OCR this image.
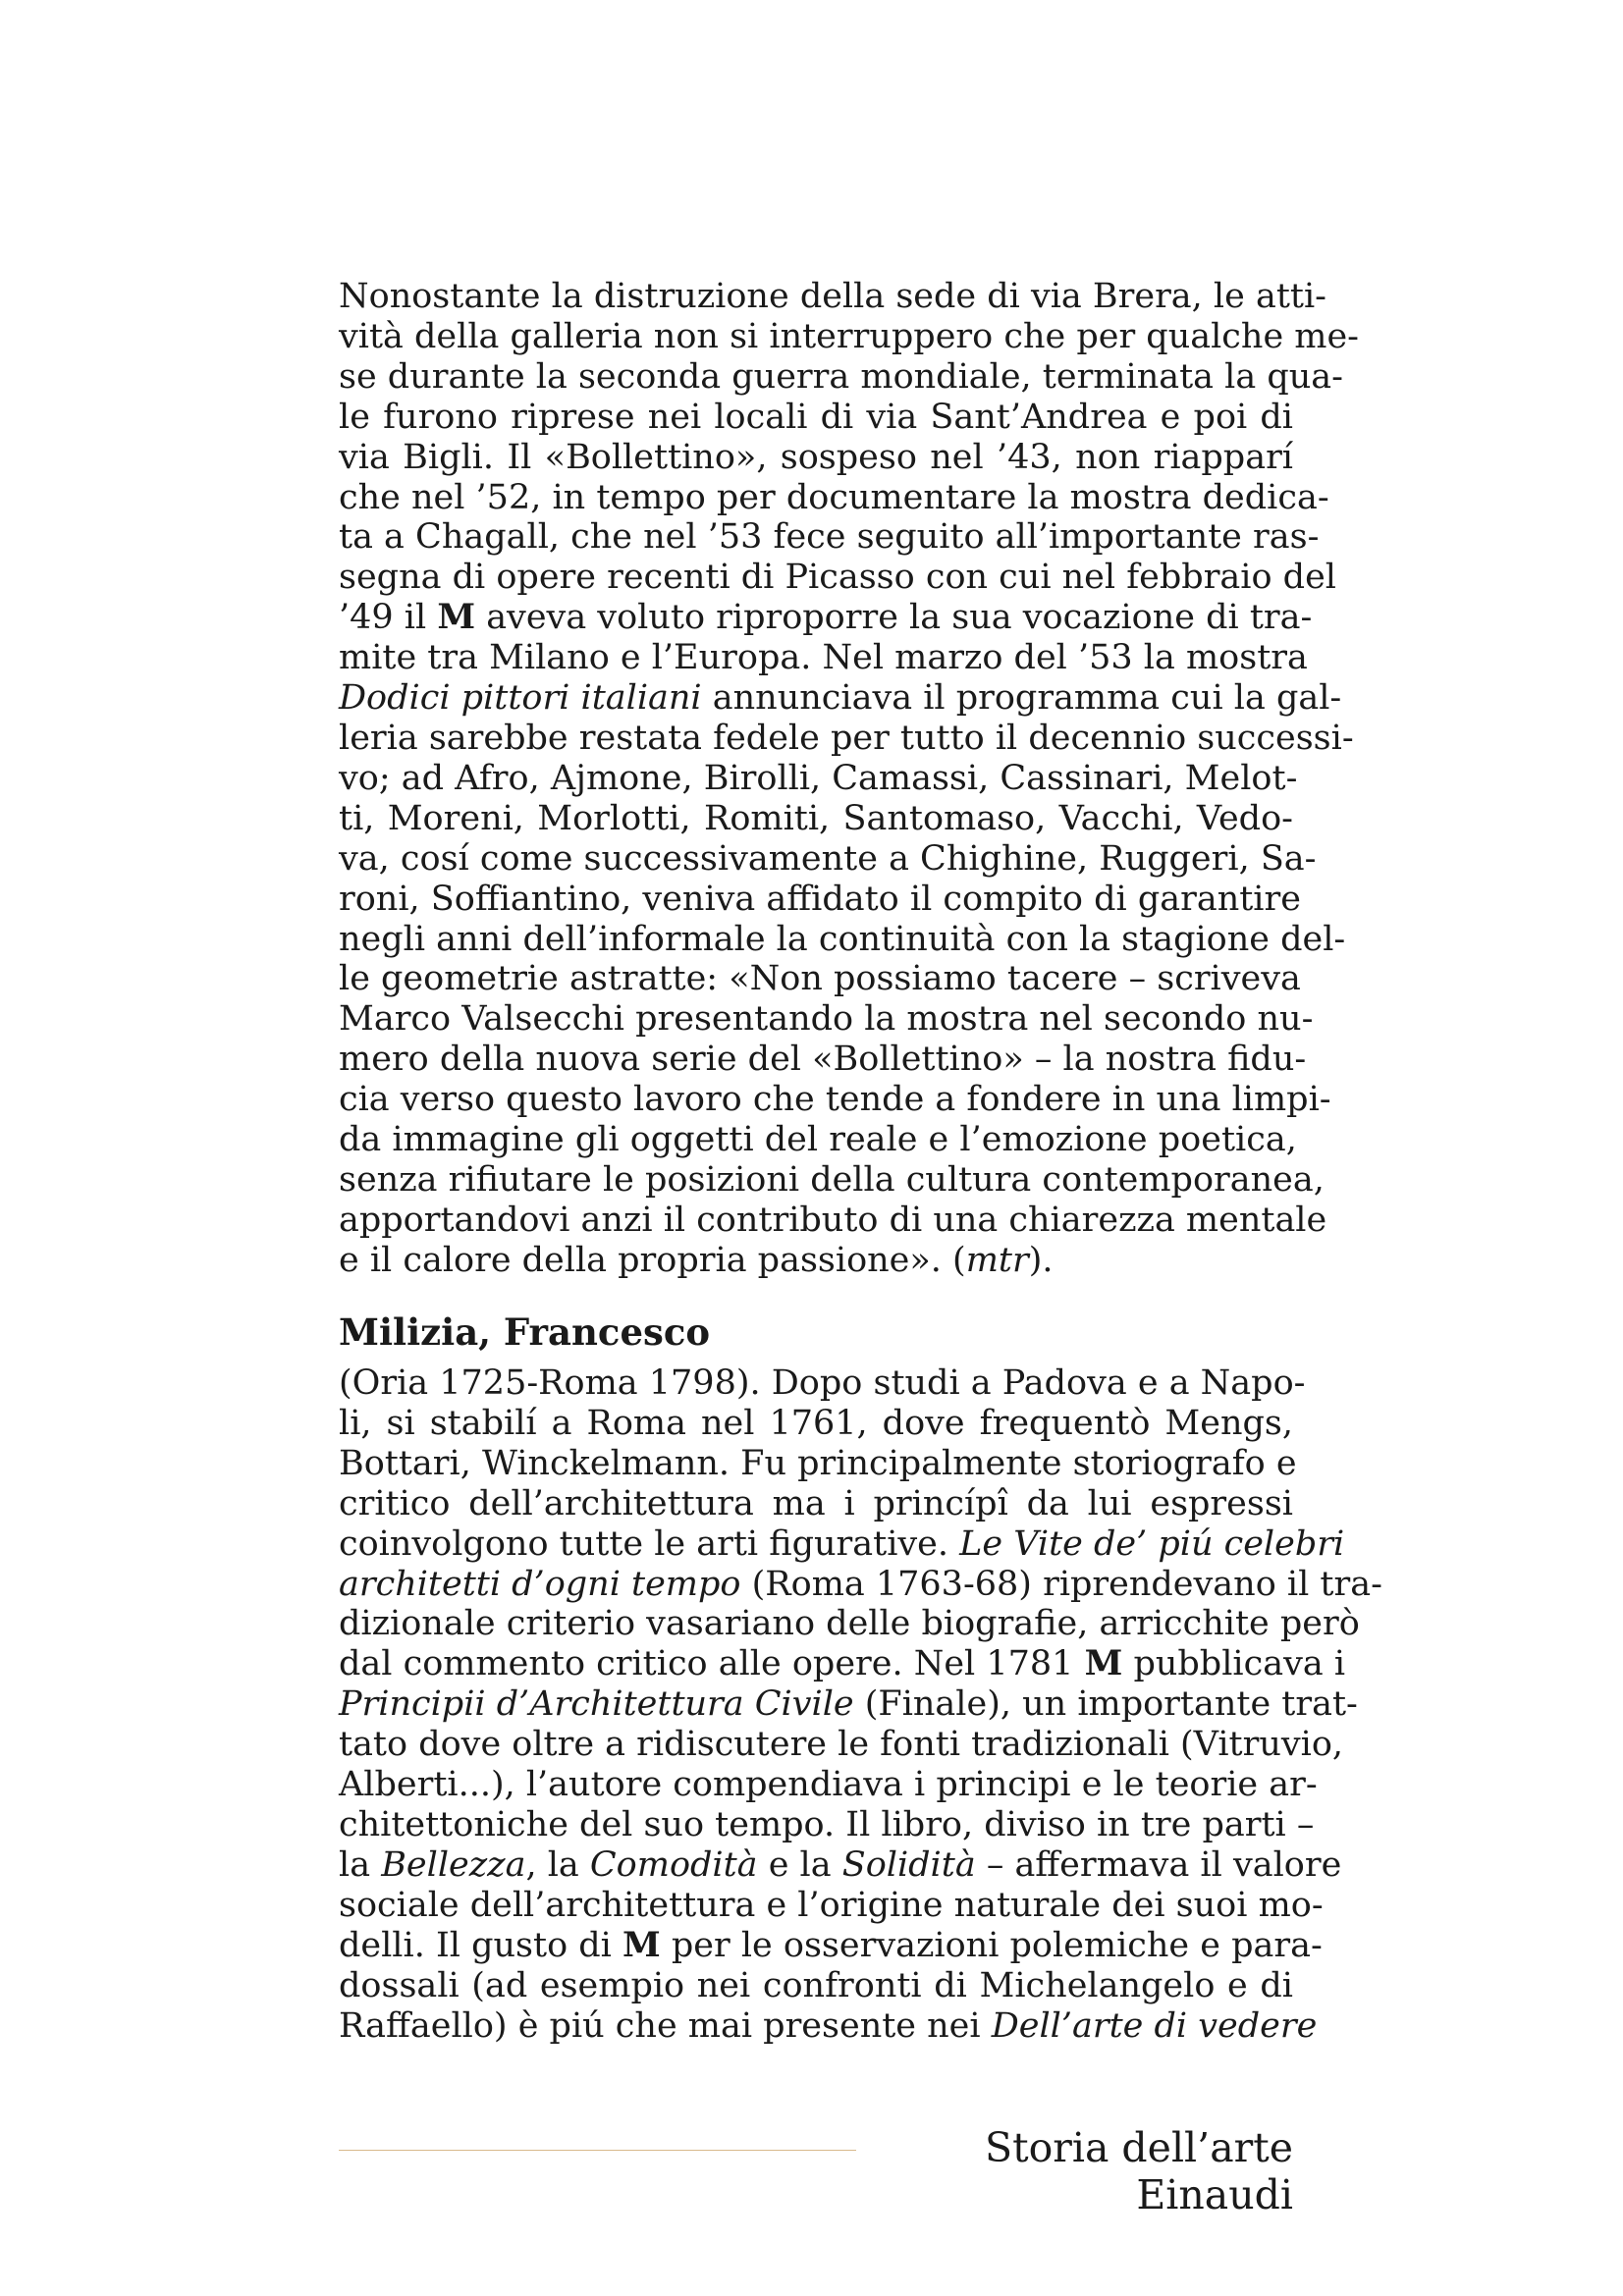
Nonostante la distruzione della sede di via Brera, le atti-
vità della galleria non si interruppero che per qualche me-
se durante la seconda guerra mondiale, terminata la qua-
le furono riprese nei locali di via Sant’Andrea e poi di
via Bigli. Il «Bollettino», sospeso nel ’43, non riapparí
che nel ’52, in tempo per documentare la mostra dedica-
ta a Chagall, che nel ’53 fece seguito all’importante ras-
segna di opere recenti di Picasso con cui nel febbraio del
’49 il M aveva voluto riproporre la sua vocazione di tra-
mite tra Milano e l’Europa. Nel marzo del ’53 la mostra
Dodici pittori italiani annunciava il programma cui la gal-
leria sarebbe restata fedele per tutto il decennio successi-
vo; ad Afro, Ajmone, Birolli, Camassi, Cassinari, Melot-
ti, Moreni, Morlotti, Romiti, Santomaso, Vacchi, Vedo-
va, cosí come successivamente a Chighine, Ruggeri, Sa-
roni, Soffiantino, veniva affidato il compito di garantire
negli anni dell’informale la continuità con la stagione del-
le geometrie astratte: «Non possiamo tacere – scriveva
Marco Valsecchi presentando la mostra nel secondo nu-
mero della nuova serie del «Bollettino» – la nostra fidu-
cia verso questo lavoro che tende a fondere in una limpi-
da immagine gli oggetti del reale e l’emozione poetica,
senza rifiutare le posizioni della cultura contemporanea,
apportandovi anzi il contributo di una chiarezza mentale
e il calore della propria passione». (mtr).

Milizia, Francesco

(Oria 1725-Roma 1798). Dopo studi a Padova e a Napo-
li, si stabilí a Roma nel 1761, dove frequentò Mengs,
Bottari, Winckelmann. Fu principalmente storiografo e
critico dell’architettura ma i princípî da lui espressi
coinvolgono tutte le arti figurative. Le Vite de’ piú celebri
architetti d’ogni tempo (Roma 1763-68) riprendevano il tra-
dizionale criterio vasariano delle biografie, arricchite però
dal commento critico alle opere. Nel 1781 M pubblicava i
Principii d’Architettura Civile (Finale), un importante trat-
tato dove oltre a ridiscutere le fonti tradizionali (Vitruvio,
Alberti...), l’autore compendiava i principi e le teorie ar-
chitettoniche del suo tempo. Il libro, diviso in tre parti –
la Bellezza, la Comodità e la Solidità – affermava il valore
sociale dell’architettura e l’origine naturale dei suoi mo-
delli. Il gusto di M per le osservazioni polemiche e para-
dossali (ad esempio nei confronti di Michelangelo e di
Raffaello) è piú che mai presente nei Dell’arte di vedere

Storia dell’arte Einaudi
